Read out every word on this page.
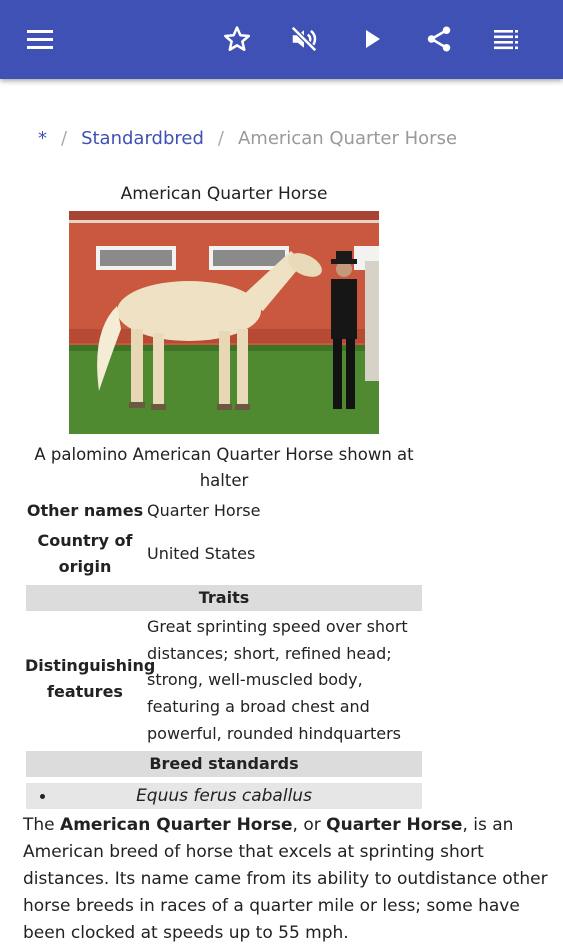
* / Standardbred / American Quarter Horse
American Quarter Horse
A palomino American Quarter Horse shown at halter
Other names Quarter Horse
Country of origin
United States
Traits
Distinguishing features
Great sprinting speed over short distances; short, refined head; strong, well-muscled body, featuring a broad chest and powerful, rounded hindquarters
Breed standards
Equus ferus caballus
The American Quarter Horse, or Quarter Horse, is an American breed of horse that excels at sprinting short distances. Its name came from its ability to outdistance other horse breeds in races of a quarter mile or less; some have been clocked at speeds up to 55 mph.
